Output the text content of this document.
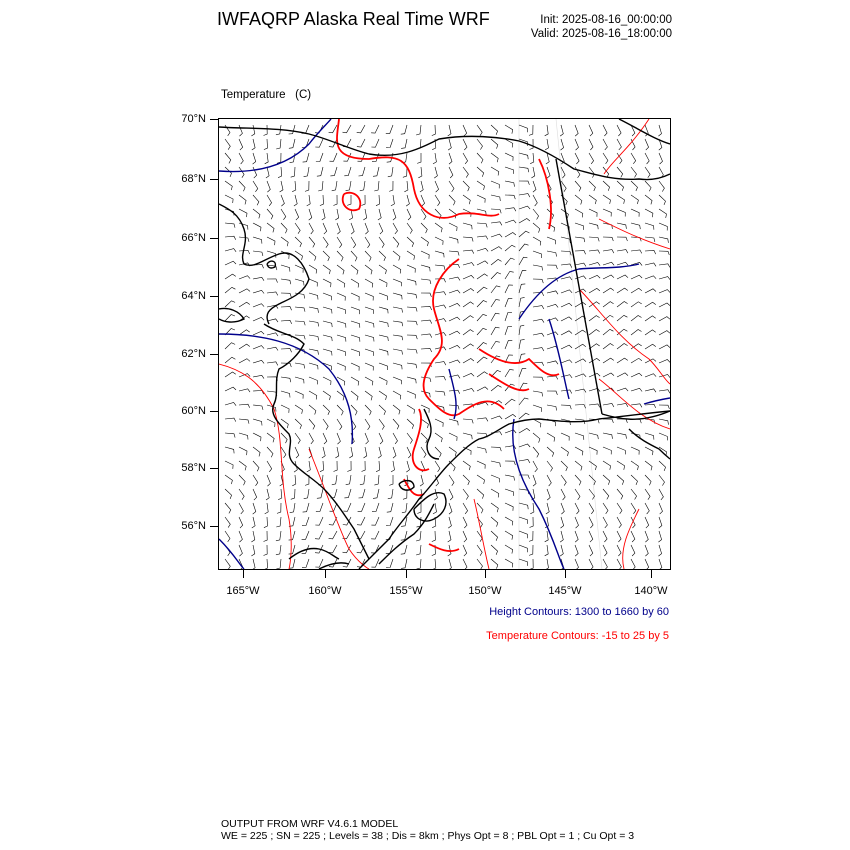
IWFAQRP Alaska Real Time WRF	Init: 2025-08-16_00:00:00
Valid: 2025-08-16_18:00:00

Temperature   (C)

70°N
68°N
66°N
64°N
62°N
60°N
58°N
56°N
165°W	160°W	155°W	150°W	145°W	140°W
Height Contours: 1300 to 1660 by 60
Temperature Contours: -15 to 25 by 5
OUTPUT FROM WRF V4.6.1 MODEL
WE = 225 ; SN = 225 ; Levels = 38 ; Dis = 8km ; Phys Opt = 8 ; PBL Opt = 1 ; Cu Opt = 3
